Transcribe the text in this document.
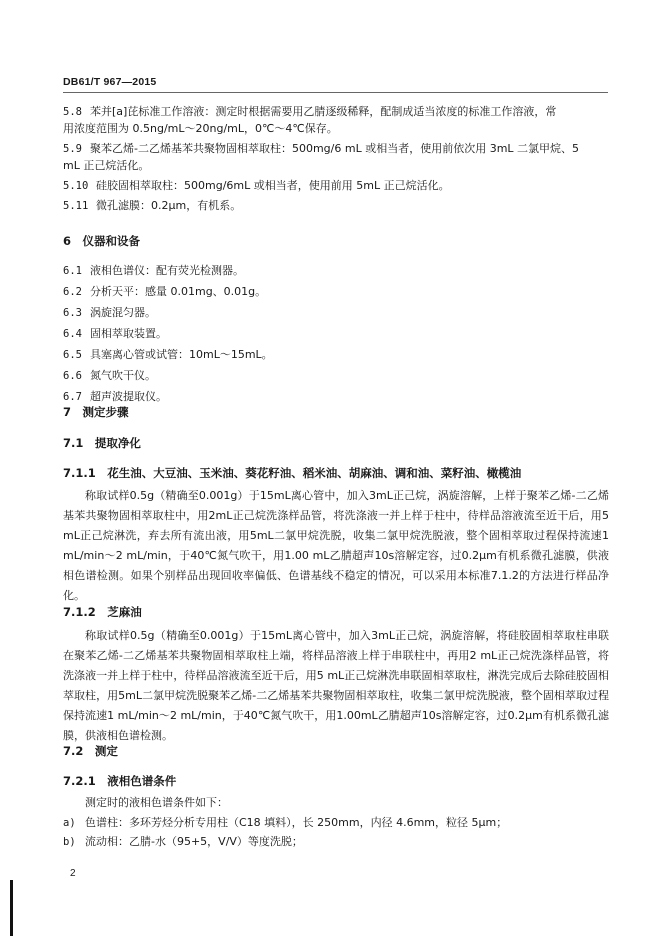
DB61/T 967—2015
5.8 苯并[a]芘标准工作溶液：测定时根据需要用乙腈逐级稀释，配制成适当浓度的标准工作溶液，常
用浓度范围为 0.5ng/mL～20ng/mL，0℃～4℃保存。
5.9 聚苯乙烯-二乙烯基苯共聚物固相萃取柱：500mg/6 mL 或相当者，使用前依次用 3mL 二氯甲烷、5
mL 正己烷活化。
5.10 硅胶固相萃取柱：500mg/6mL 或相当者，使用前用 5mL 正己烷活化。
5.11 微孔滤膜：0.2μm，有机系。
6　仪器和设备
6.1 液相色谱仪：配有荧光检测器。
6.2 分析天平：感量 0.01mg、0.01g。
6.3 涡旋混匀器。
6.4 固相萃取装置。
6.5 具塞离心管或试管：10mL～15mL。
6.6 氮气吹干仪。
6.7 超声波提取仪。
7　测定步骤
7.1　提取净化
7.1.1　花生油、大豆油、玉米油、葵花籽油、稻米油、胡麻油、调和油、菜籽油、橄榄油
称取试样0.5g（精确至0.001g）于15mL离心管中，加入3mL正己烷，涡旋溶解，上样于聚苯乙烯-二乙烯基苯共聚物固相萃取柱中，用2mL正己烷洗涤样品管，将洗涤液一并上样于柱中，待样品溶液流至近干后，用5 mL正己烷淋洗，弃去所有流出液，用5mL二氯甲烷洗脱，收集二氯甲烷洗脱液，整个固相萃取过程保持流速1 mL/min～2 mL/min，于40℃氮气吹干，用1.00 mL乙腈超声10s溶解定容，过0.2μm有机系微孔滤膜，供液相色谱检测。如果个别样品出现回收率偏低、色谱基线不稳定的情况，可以采用本标准7.1.2的方法进行样品净化。
7.1.2　芝麻油
称取试样0.5g（精确至0.001g）于15mL离心管中，加入3mL正己烷，涡旋溶解，将硅胶固相萃取柱串联在聚苯乙烯-二乙烯基苯共聚物固相萃取柱上端，将样品溶液上样于串联柱中，再用2 mL正己烷洗涤样品管，将洗涤液一并上样于柱中，待样品溶液流至近干后，用5 mL正己烷淋洗串联固相萃取柱，淋洗完成后去除硅胶固相萃取柱，用5mL二氯甲烷洗脱聚苯乙烯-二乙烯基苯共聚物固相萃取柱，收集二氯甲烷洗脱液，整个固相萃取过程保持流速1 mL/min～2 mL/min，于40℃氮气吹干，用1.00mL乙腈超声10s溶解定容，过0.2μm有机系微孔滤膜，供液相色谱检测。
7.2　测定
7.2.1　液相色谱条件
测定时的液相色谱条件如下：
a) 色谱柱：多环芳烃分析专用柱（C18 填料），长 250mm，内径 4.6mm，粒径 5μm；
b) 流动相：乙腈-水（95+5，V/V）等度洗脱；
2
